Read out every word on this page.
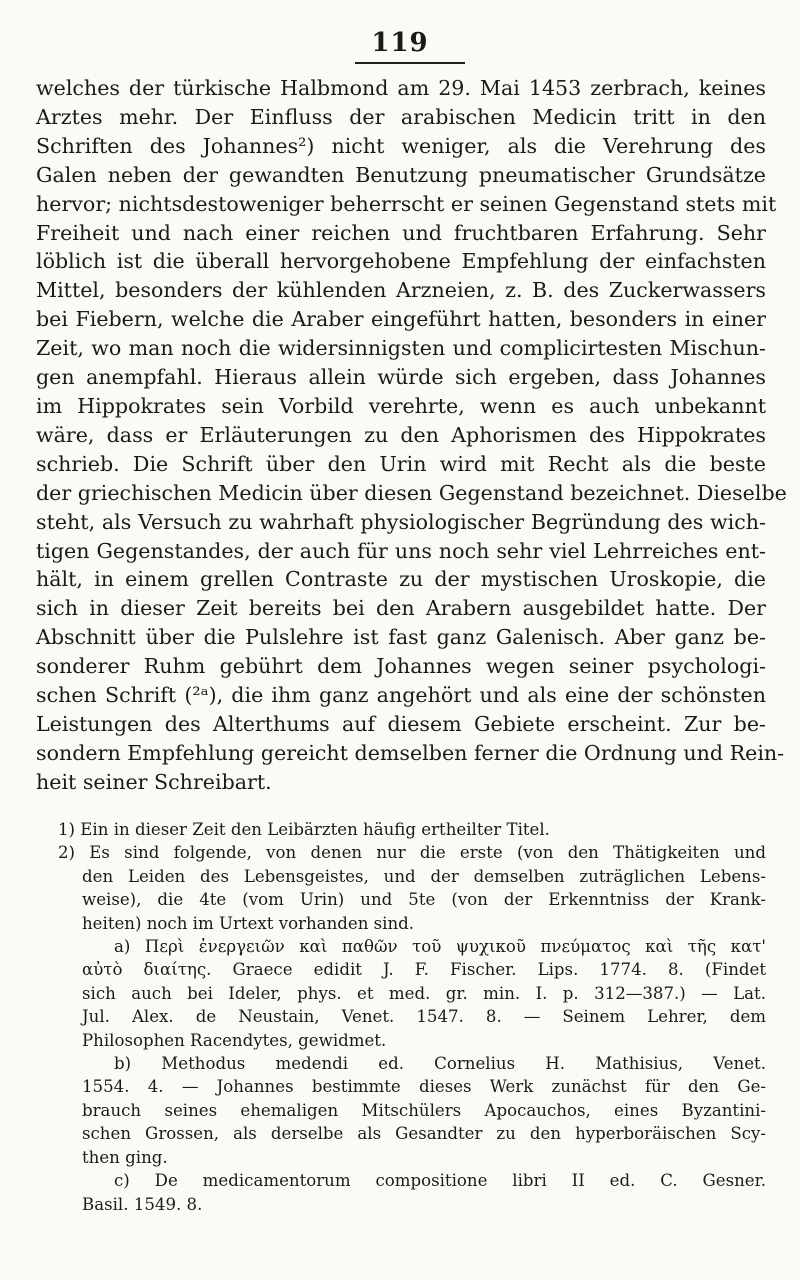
119
welches der türkische Halbmond am 29. Mai 1453 zerbrach, keines
Arztes mehr. Der Einfluss der arabischen Medicin tritt in den
Schriften des Johannes²) nicht weniger, als die Verehrung des
Galen neben der gewandten Benutzung pneumatischer Grundsätze
hervor; nichtsdestoweniger beherrscht er seinen Gegenstand stets mit
Freiheit und nach einer reichen und fruchtbaren Erfahrung. Sehr
löblich ist die überall hervorgehobene Empfehlung der einfachsten
Mittel, besonders der kühlenden Arzneien, z. B. des Zuckerwassers
bei Fiebern, welche die Araber eingeführt hatten, besonders in einer
Zeit, wo man noch die widersinnigsten und complicirtesten Mischun-
gen anempfahl. Hieraus allein würde sich ergeben, dass Johannes
im Hippokrates sein Vorbild verehrte, wenn es auch unbekannt
wäre, dass er Erläuterungen zu den Aphorismen des Hippokrates
schrieb. Die Schrift über den Urin wird mit Recht als die beste
der griechischen Medicin über diesen Gegenstand bezeichnet. Dieselbe
steht, als Versuch zu wahrhaft physiologischer Begründung des wich-
tigen Gegenstandes, der auch für uns noch sehr viel Lehrreiches ent-
hält, in einem grellen Contraste zu der mystischen Uroskopie, die
sich in dieser Zeit bereits bei den Arabern ausgebildet hatte. Der
Abschnitt über die Pulslehre ist fast ganz Galenisch. Aber ganz be-
sonderer Ruhm gebührt dem Johannes wegen seiner psychologi-
schen Schrift (²ᵃ), die ihm ganz angehört und als eine der schönsten
Leistungen des Alterthums auf diesem Gebiete erscheint. Zur be-
sondern Empfehlung gereicht demselben ferner die Ordnung und Rein-
heit seiner Schreibart.
1) Ein in dieser Zeit den Leibärzten häufig ertheilter Titel.
2) Es sind folgende, von denen nur die erste (von den Thätigkeiten und
den Leiden des Lebensgeistes, und der demselben zuträglichen Lebens-
weise), die 4te (vom Urin) und 5te (von der Erkenntniss der Krank-
heiten) noch im Urtext vorhanden sind.
a) Περὶ ἐνεργειῶν καὶ παθῶν τοῦ ψυχικοῦ πνεύματος καὶ τῆς κατ'
αὐτὸ διαίτης. Graece edidit J. F. Fischer. Lips. 1774. 8. (Findet
sich auch bei Ideler, phys. et med. gr. min. I. p. 312—387.) — Lat.
Jul. Alex. de Neustain, Venet. 1547. 8. — Seinem Lehrer, dem
Philosophen Racendytes, gewidmet.
b) Methodus medendi ed. Cornelius H. Mathisius, Venet.
1554. 4. — Johannes bestimmte dieses Werk zunächst für den Ge-
brauch seines ehemaligen Mitschülers Apocauchos, eines Byzantini-
schen Grossen, als derselbe als Gesandter zu den hyperboräischen Scy-
then ging.
c) De medicamentorum compositione libri II ed. C. Gesner.
Basil. 1549. 8.
